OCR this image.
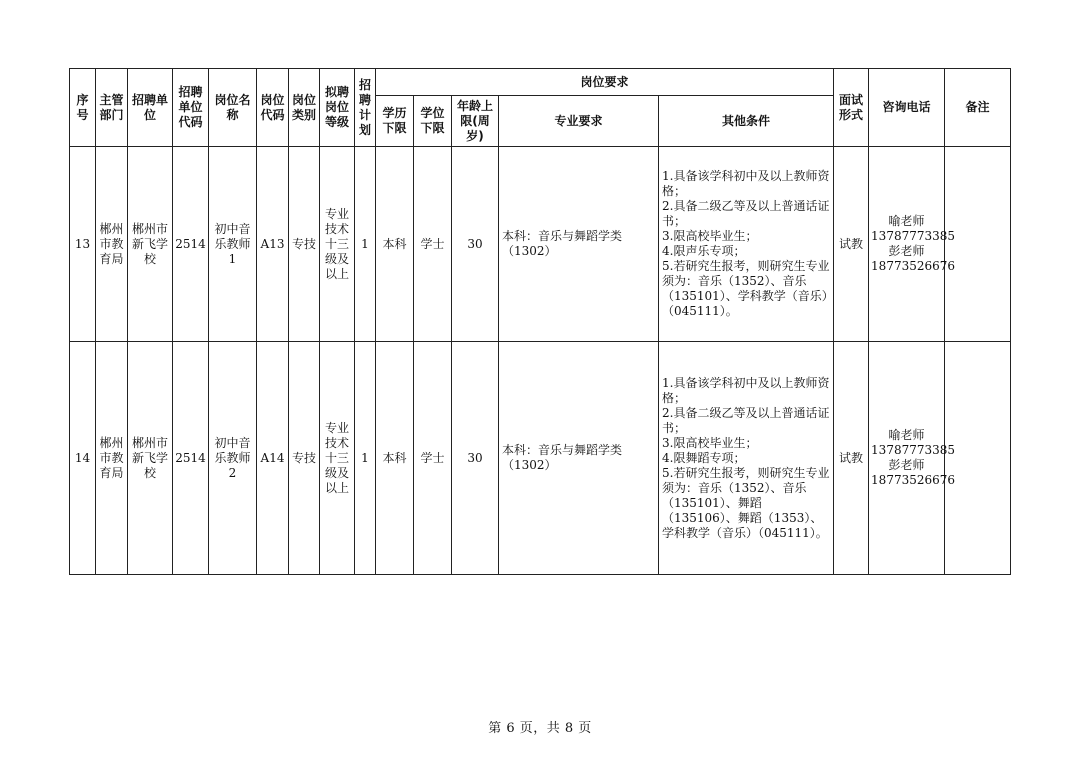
序号	主管部门	招聘单位	招聘单位代码	岗位名称	岗位代码	岗位类别	拟聘岗位等级	招聘计划	岗位要求					面试形式	咨询电话	备注
									学历下限	学位下限	年龄上限(周岁)	专业要求	其他条件			
13	郴州市教育局	郴州市新飞学校	2514	初中音乐教师1	A13	专技	专业技术十三级及以上	1	本科	学士	30	本科：音乐与舞蹈学类（1302）	1.具备该学科初中及以上教师资格；
2.具备二级乙等及以上普通话证书；
3.限高校毕业生；
4.限声乐专项；
5.若研究生报考，则研究生专业须为：音乐（1352）、音乐（135101）、学科教学（音乐）（045111）。	试教	喻老师
13787773385
彭老师
18773526676	
14	郴州市教育局	郴州市新飞学校	2514	初中音乐教师2	A14	专技	专业技术十三级及以上	1	本科	学士	30	本科：音乐与舞蹈学类（1302）	1.具备该学科初中及以上教师资格；
2.具备二级乙等及以上普通话证书；
3.限高校毕业生；
4.限舞蹈专项；
5.若研究生报考，则研究生专业须为：音乐（1352）、音乐（135101）、舞蹈（135106）、舞蹈（1353）、学科教学（音乐）（045111）。	试教	喻老师
13787773385
彭老师
18773526676	
第 6 页，共 8 页
